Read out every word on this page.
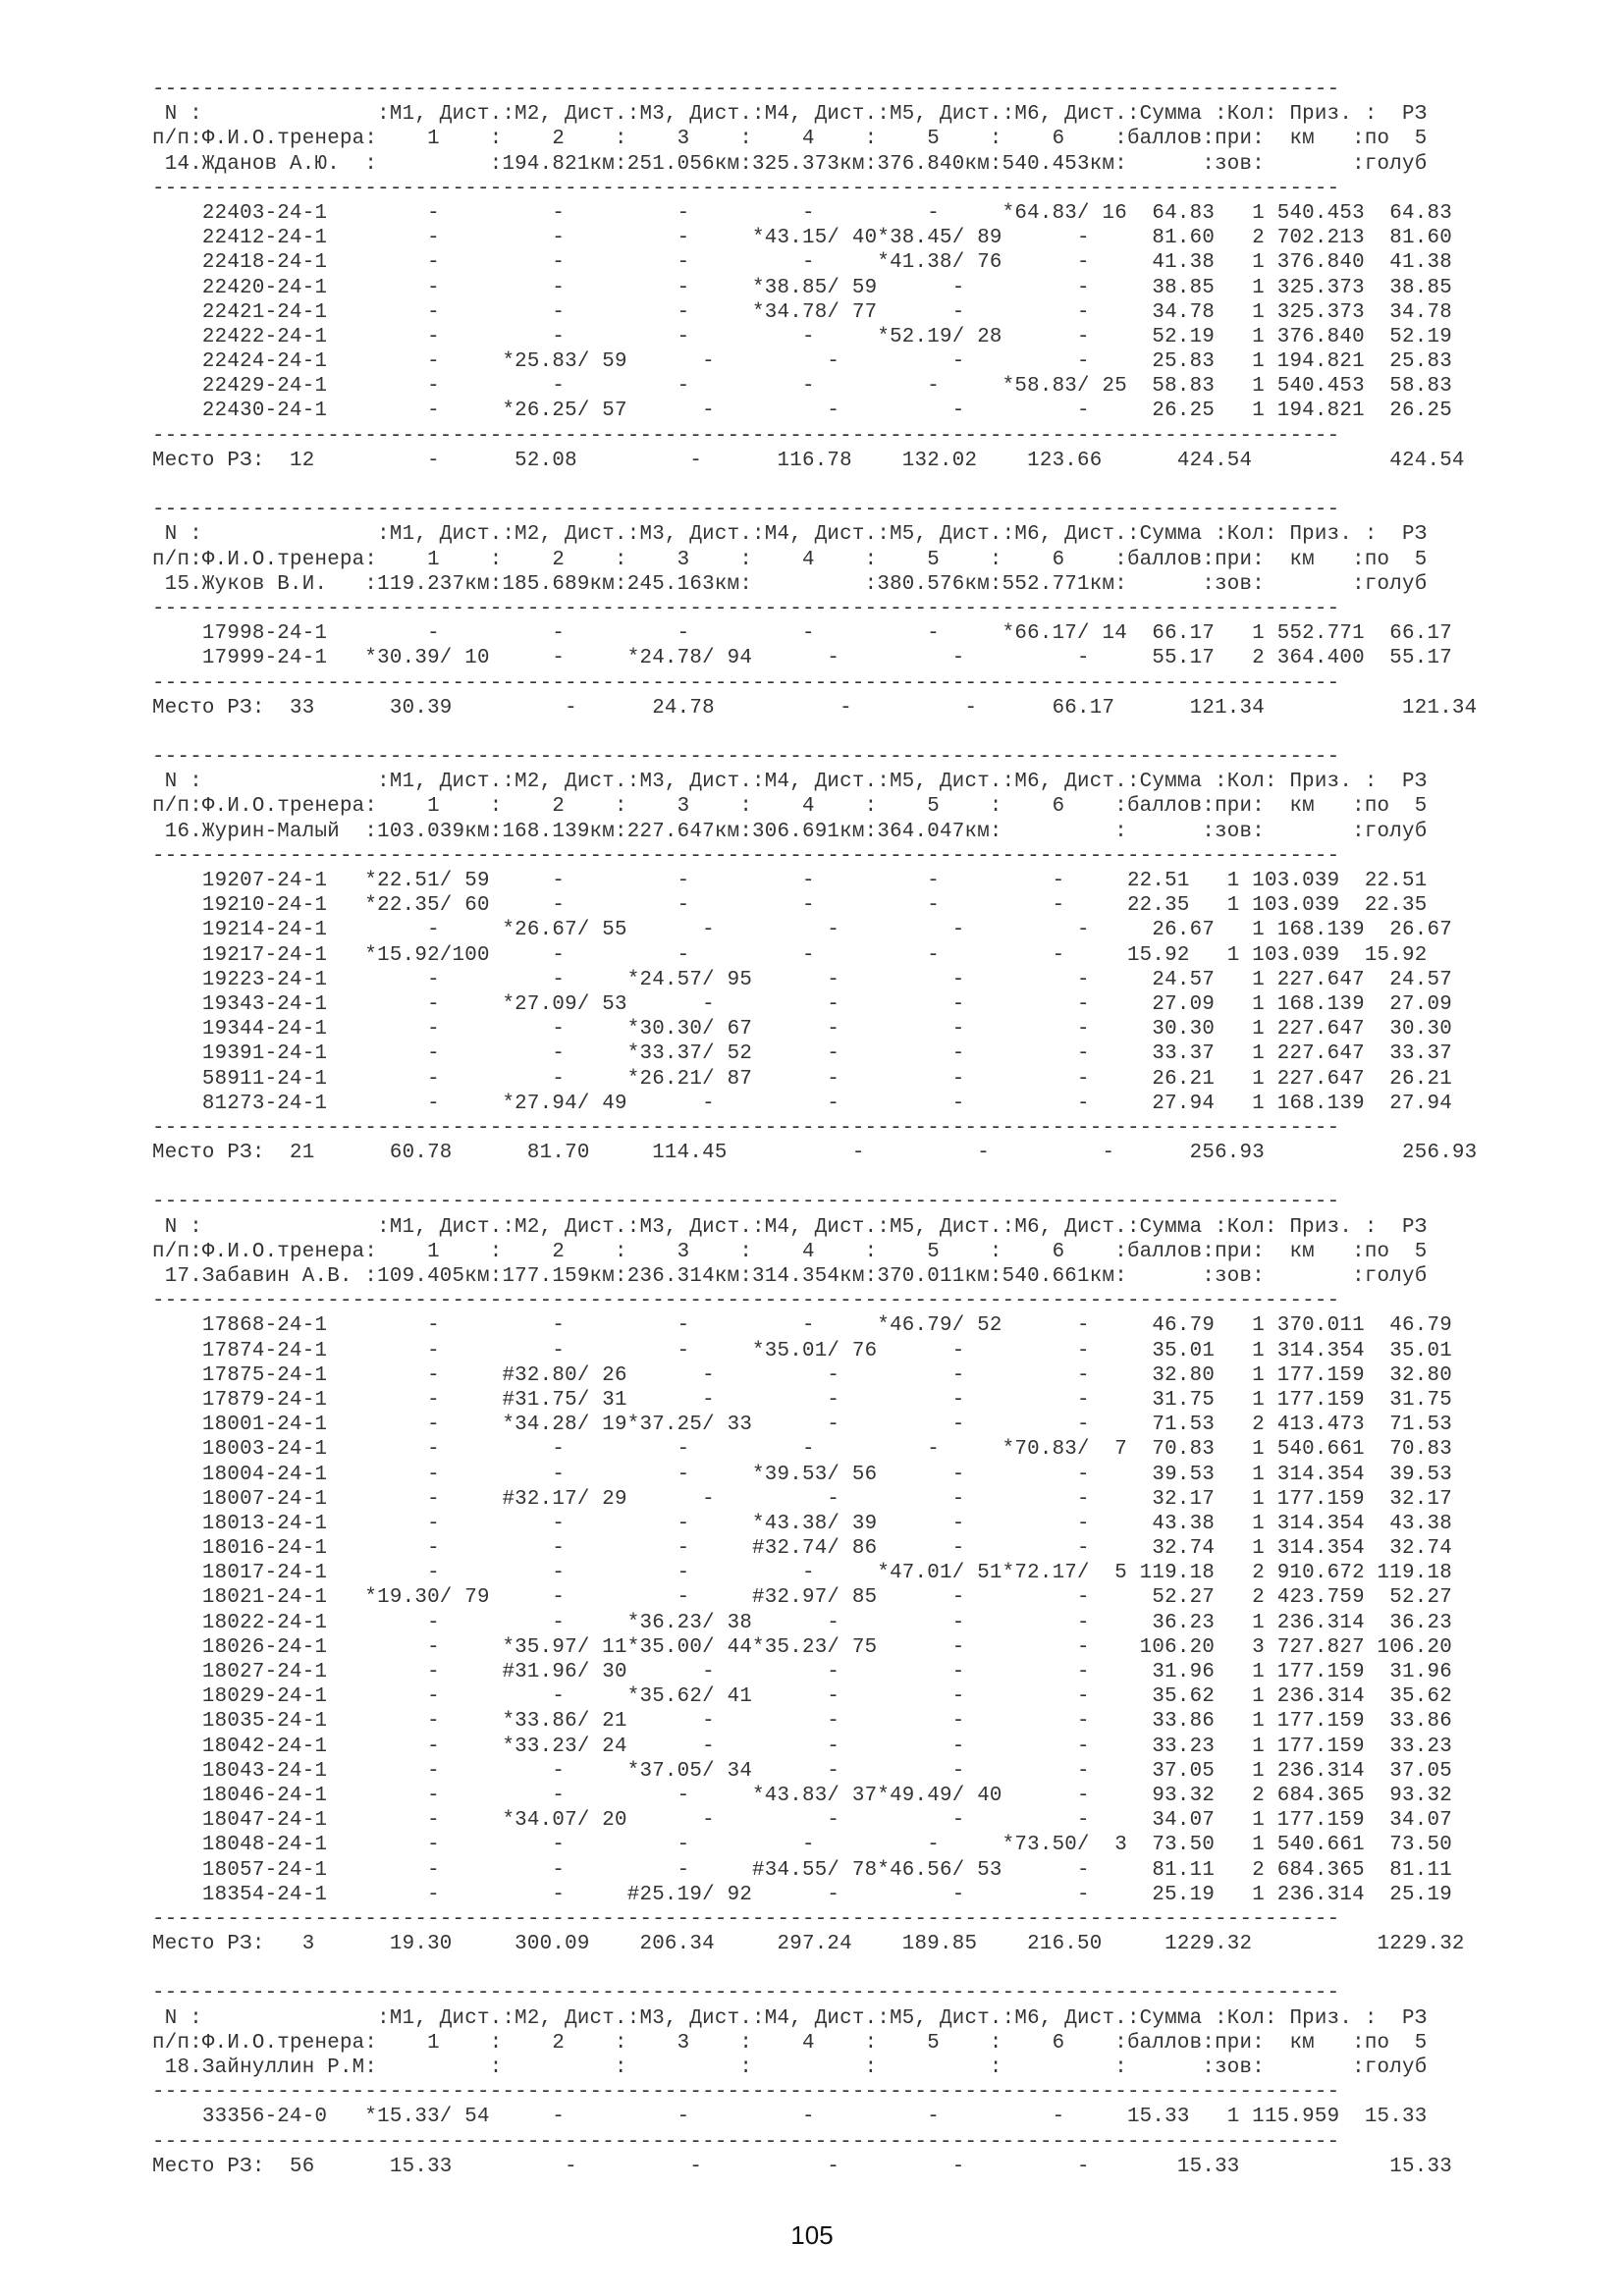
-----------------------------------------------------------------------------------------------
N :              :M1, Дист.:M2, Дист.:M3, Дист.:M4, Дист.:M5, Дист.:M6, Дист.:Сумма :Кол: Приз. :  РЗ
п/п:Ф.И.О.тренера:    1    :    2    :    3    :    4    :    5    :    6    :баллов:при:  км   :по  5
14.Жданов А.Ю.  :         :194.821км:251.056км:325.373км:376.840км:540.453км:      :зов:       :голуб
-----------------------------------------------------------------------------------------------
22403-24-1        -         -         -         -         -     *64.83/ 16  64.83   1 540.453  64.83
22412-24-1        -         -         -     *43.15/ 40*38.45/ 89      -     81.60   2 702.213  81.60
22418-24-1        -         -         -         -     *41.38/ 76      -     41.38   1 376.840  41.38
22420-24-1        -         -         -     *38.85/ 59      -         -     38.85   1 325.373  38.85
22421-24-1        -         -         -     *34.78/ 77      -         -     34.78   1 325.373  34.78
22422-24-1        -         -         -         -     *52.19/ 28      -     52.19   1 376.840  52.19
22424-24-1        -     *25.83/ 59      -         -         -         -     25.83   1 194.821  25.83
22429-24-1        -         -         -         -         -     *58.83/ 25  58.83   1 540.453  58.83
22430-24-1        -     *26.25/ 57      -         -         -         -     26.25   1 194.821  26.25
-----------------------------------------------------------------------------------------------
Место РЗ:  12         -      52.08         -      116.78    132.02    123.66      424.54           424.54
-----------------------------------------------------------------------------------------------
N :              :M1, Дист.:M2, Дист.:M3, Дист.:M4, Дист.:M5, Дист.:M6, Дист.:Сумма :Кол: Приз. :  РЗ
п/п:Ф.И.О.тренера:    1    :    2    :    3    :    4    :    5    :    6    :баллов:при:  км   :по  5
15.Жуков В.И.   :119.237км:185.689км:245.163км:         :380.576км:552.771км:      :зов:       :голуб
-----------------------------------------------------------------------------------------------
17998-24-1        -         -         -         -         -     *66.17/ 14  66.17   1 552.771  66.17
17999-24-1   *30.39/ 10     -     *24.78/ 94      -         -         -     55.17   2 364.400  55.17
-----------------------------------------------------------------------------------------------
Место РЗ:  33      30.39         -      24.78          -         -      66.17      121.34           121.34
-----------------------------------------------------------------------------------------------
N :              :M1, Дист.:M2, Дист.:M3, Дист.:M4, Дист.:M5, Дист.:M6, Дист.:Сумма :Кол: Приз. :  РЗ
п/п:Ф.И.О.тренера:    1    :    2    :    3    :    4    :    5    :    6    :баллов:при:  км   :по  5
16.Журин-Малый  :103.039км:168.139км:227.647км:306.691км:364.047км:         :      :зов:       :голуб
-----------------------------------------------------------------------------------------------
19207-24-1   *22.51/ 59     -         -         -         -         -     22.51   1 103.039  22.51
19210-24-1   *22.35/ 60     -         -         -         -         -     22.35   1 103.039  22.35
19214-24-1        -     *26.67/ 55      -         -         -         -     26.67   1 168.139  26.67
19217-24-1   *15.92/100     -         -         -         -         -     15.92   1 103.039  15.92
19223-24-1        -         -     *24.57/ 95      -         -         -     24.57   1 227.647  24.57
19343-24-1        -     *27.09/ 53      -         -         -         -     27.09   1 168.139  27.09
19344-24-1        -         -     *30.30/ 67      -         -         -     30.30   1 227.647  30.30
19391-24-1        -         -     *33.37/ 52      -         -         -     33.37   1 227.647  33.37
58911-24-1        -         -     *26.21/ 87      -         -         -     26.21   1 227.647  26.21
81273-24-1        -     *27.94/ 49      -         -         -         -     27.94   1 168.139  27.94
-----------------------------------------------------------------------------------------------
Место РЗ:  21      60.78      81.70     114.45          -         -         -      256.93           256.93
-----------------------------------------------------------------------------------------------
N :              :M1, Дист.:M2, Дист.:M3, Дист.:M4, Дист.:M5, Дист.:M6, Дист.:Сумма :Кол: Приз. :  РЗ
п/п:Ф.И.О.тренера:    1    :    2    :    3    :    4    :    5    :    6    :баллов:при:  км   :по  5
17.Забавин А.В. :109.405км:177.159км:236.314км:314.354км:370.011км:540.661км:      :зов:       :голуб
-----------------------------------------------------------------------------------------------
17868-24-1        -         -         -         -     *46.79/ 52      -     46.79   1 370.011  46.79
17874-24-1        -         -         -     *35.01/ 76      -         -     35.01   1 314.354  35.01
17875-24-1        -     #32.80/ 26      -         -         -         -     32.80   1 177.159  32.80
17879-24-1        -     #31.75/ 31      -         -         -         -     31.75   1 177.159  31.75
18001-24-1        -     *34.28/ 19*37.25/ 33      -         -         -     71.53   2 413.473  71.53
18003-24-1        -         -         -         -         -     *70.83/  7  70.83   1 540.661  70.83
18004-24-1        -         -         -     *39.53/ 56      -         -     39.53   1 314.354  39.53
18007-24-1        -     #32.17/ 29      -         -         -         -     32.17   1 177.159  32.17
18013-24-1        -         -         -     *43.38/ 39      -         -     43.38   1 314.354  43.38
18016-24-1        -         -         -     #32.74/ 86      -         -     32.74   1 314.354  32.74
18017-24-1        -         -         -         -     *47.01/ 51*72.17/  5 119.18   2 910.672 119.18
18021-24-1   *19.30/ 79     -         -     #32.97/ 85      -         -     52.27   2 423.759  52.27
18022-24-1        -         -     *36.23/ 38      -         -         -     36.23   1 236.314  36.23
18026-24-1        -     *35.97/ 11*35.00/ 44*35.23/ 75      -         -    106.20   3 727.827 106.20
18027-24-1        -     #31.96/ 30      -         -         -         -     31.96   1 177.159  31.96
18029-24-1        -         -     *35.62/ 41      -         -         -     35.62   1 236.314  35.62
18035-24-1        -     *33.86/ 21      -         -         -         -     33.86   1 177.159  33.86
18042-24-1        -     *33.23/ 24      -         -         -         -     33.23   1 177.159  33.23
18043-24-1        -         -     *37.05/ 34      -         -         -     37.05   1 236.314  37.05
18046-24-1        -         -         -     *43.83/ 37*49.49/ 40      -     93.32   2 684.365  93.32
18047-24-1        -     *34.07/ 20      -         -         -         -     34.07   1 177.159  34.07
18048-24-1        -         -         -         -         -     *73.50/  3  73.50   1 540.661  73.50
18057-24-1        -         -         -     #34.55/ 78*46.56/ 53      -     81.11   2 684.365  81.11
18354-24-1        -         -     #25.19/ 92      -         -         -     25.19   1 236.314  25.19
-----------------------------------------------------------------------------------------------
Место РЗ:   3      19.30     300.09    206.34     297.24    189.85    216.50     1229.32          1229.32
-----------------------------------------------------------------------------------------------
N :              :M1, Дист.:M2, Дист.:M3, Дист.:M4, Дист.:M5, Дист.:M6, Дист.:Сумма :Кол: Приз. :  РЗ
п/п:Ф.И.О.тренера:    1    :    2    :    3    :    4    :    5    :    6    :баллов:при:  км   :по  5
18.Зайнуллин Р.М:         :         :         :         :         :         :      :зов:       :голуб
-----------------------------------------------------------------------------------------------
33356-24-0   *15.33/ 54     -         -         -         -         -     15.33   1 115.959  15.33
-----------------------------------------------------------------------------------------------
Место РЗ:  56      15.33         -         -          -         -         -       15.33            15.33
105
